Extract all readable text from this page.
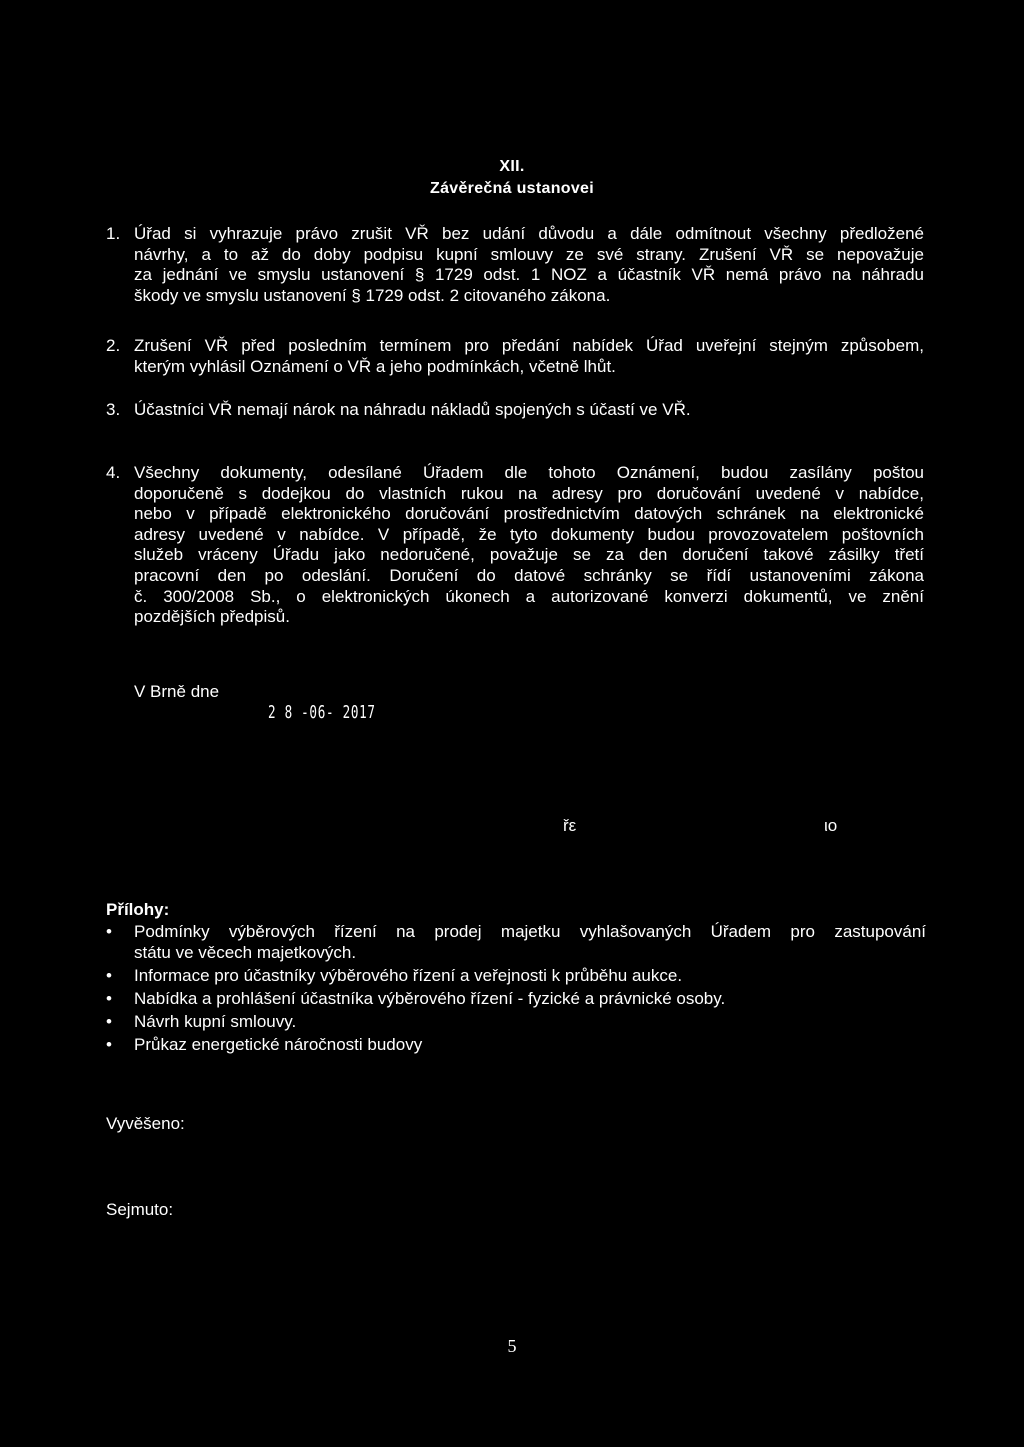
XII.
Závěrečná ustanovei
1. Úřad si vyhrazuje právo zrušit VŘ bez udání důvodu a dále odmítnout všechny předložené
návrhy, a to až do doby podpisu kupní smlouvy ze své strany. Zrušení VŘ se nepovažuje
za jednání ve smyslu ustanovení § 1729 odst. 1 NOZ a účastník VŘ nemá právo na náhradu
škody ve smyslu ustanovení § 1729 odst. 2 citovaného zákona.
2. Zrušení VŘ před posledním termínem pro předání nabídek Úřad uveřejní stejným způsobem,
kterým vyhlásil Oznámení o VŘ a jeho podmínkách, včetně lhůt.
3. Účastníci VŘ nemají nárok na náhradu nákladů spojených s účastí ve VŘ.
4. Všechny dokumenty, odesílané Úřadem dle tohoto Oznámení, budou zasílány poštou
doporučeně s dodejkou do vlastních rukou na adresy pro doručování uvedené v nabídce,
nebo v případě elektronického doručování prostřednictvím datových schránek na elektronické
adresy uvedené v nabídce. V případě, že tyto dokumenty budou provozovatelem poštovních
služeb vráceny Úřadu jako nedoručené, považuje se za den doručení takové zásilky třetí
pracovní den po odeslání. Doručení do datové schránky se řídí ustanoveními zákona
č. 300/2008 Sb., o elektronických úkonech a autorizované konverzi dokumentů, ve znění
pozdějších předpisů.
V Brně dne
2 8 -06- 2017
řε	ιo
Přílohy:
•	Podmínky výběrových řízení na prodej majetku vyhlašovaných Úřadem pro zastupování
státu ve věcech majetkových.
•	Informace pro účastníky výběrového řízení a veřejnosti k průběhu aukce.
•	Nabídka a prohlášení účastníka výběrového řízení - fyzické a právnické osoby.
•	Návrh kupní smlouvy.
•	Průkaz energetické náročnosti budovy
Vyvěšeno:
Sejmuto:
5
